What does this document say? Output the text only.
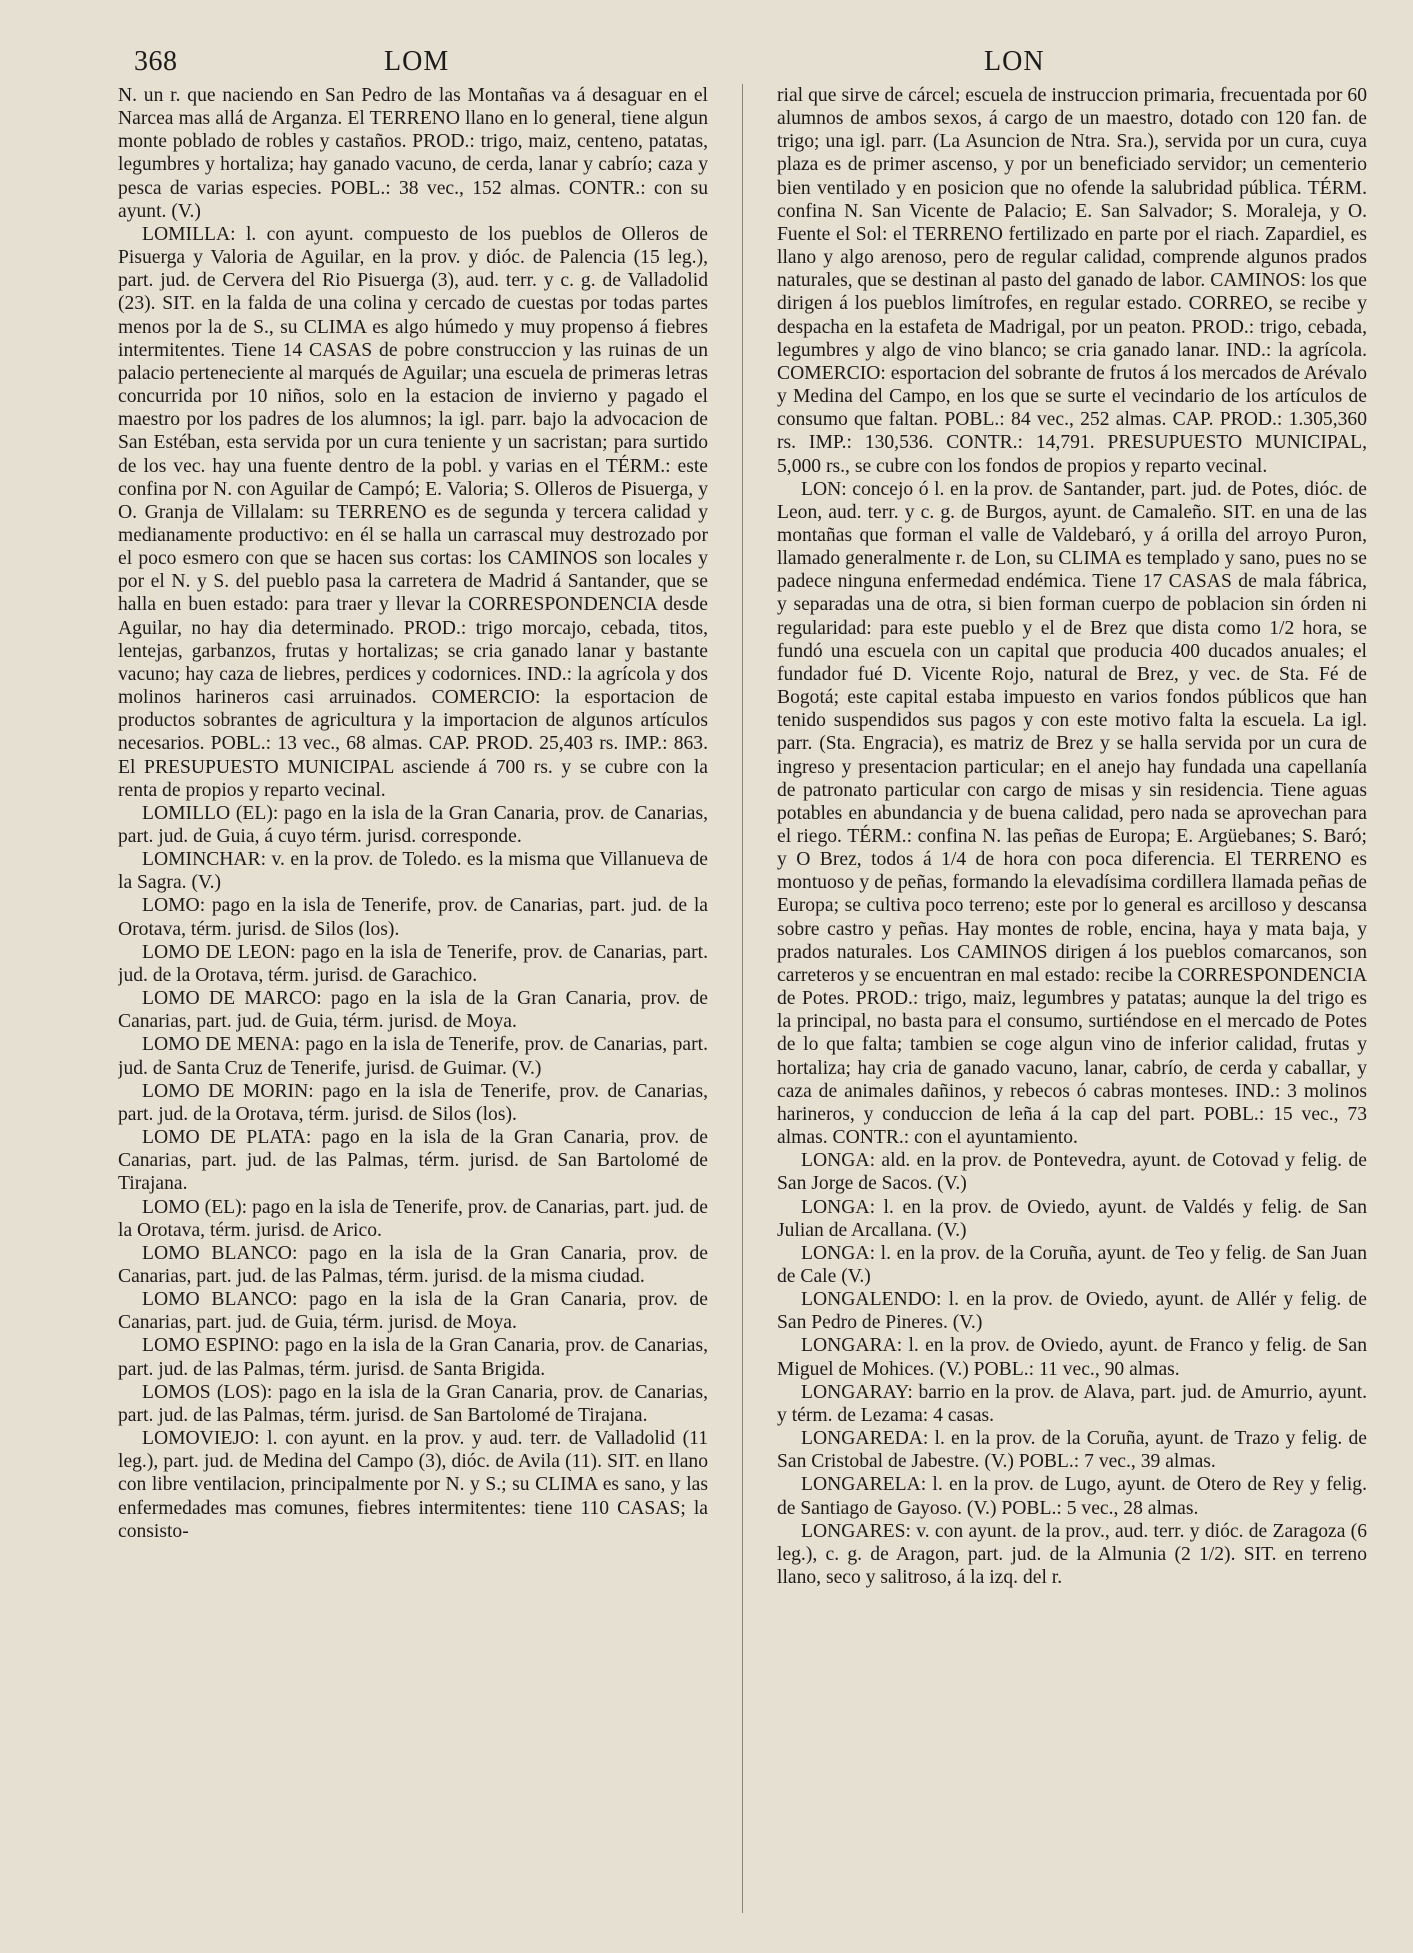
368	LOM	LON

N. un r. que naciendo en San Pedro de las Montañas va á desaguar en el Narcea mas allá de Arganza. El TERRENO llano en lo general, tiene algun monte poblado de robles y castaños. PROD.: trigo, maiz, centeno, patatas, legumbres y hortaliza; hay ganado vacuno, de cerda, lanar y cabrío; caza y pesca de varias especies. POBL.: 38 vec., 152 almas. CONTR.: con su ayunt. (V.)

LOMILLA: l. con ayunt. compuesto de los pueblos de Olleros de Pisuerga y Valoria de Aguilar, en la prov. y dióc. de Palencia (15 leg.), part. jud. de Cervera del Rio Pisuerga (3), aud. terr. y c. g. de Valladolid (23). SIT. en la falda de una colina y cercado de cuestas por todas partes menos por la de S., su CLIMA es algo húmedo y muy propenso á fiebres intermitentes. Tiene 14 CASAS de pobre construccion y las ruinas de un palacio perteneciente al marqués de Aguilar; una escuela de primeras letras concurrida por 10 niños, solo en la estacion de invierno y pagado el maestro por los padres de los alumnos; la igl. parr. bajo la advocacion de San Estéban, esta servida por un cura teniente y un sacristan; para surtido de los vec. hay una fuente dentro de la pobl. y varias en el TÉRM.: este confina por N. con Aguilar de Campó; E. Valoria; S. Olleros de Pisuerga, y O. Granja de Villalam: su TERRENO es de segunda y tercera calidad y medianamente productivo: en él se halla un carrascal muy destrozado por el poco esmero con que se hacen sus cortas: los CAMINOS son locales y por el N. y S. del pueblo pasa la carretera de Madrid á Santander, que se halla en buen estado: para traer y llevar la CORRESPONDENCIA desde Aguilar, no hay dia determinado. PROD.: trigo morcajo, cebada, titos, lentejas, garbanzos, frutas y hortalizas; se cria ganado lanar y bastante vacuno; hay caza de liebres, perdices y codornices. IND.: la agrícola y dos molinos harineros casi arruinados. COMERCIO: la esportacion de productos sobrantes de agricultura y la importacion de algunos artículos necesarios. POBL.: 13 vec., 68 almas. CAP. PROD. 25,403 rs. IMP.: 863. El PRESUPUESTO MUNICIPAL asciende á 700 rs. y se cubre con la renta de propios y reparto vecinal.

LOMILLO (EL): pago en la isla de la Gran Canaria, prov. de Canarias, part. jud. de Guia, á cuyo térm. jurisd. corresponde.

LOMINCHAR: v. en la prov. de Toledo. es la misma que Villanueva de la Sagra. (V.)

LOMO: pago en la isla de Tenerife, prov. de Canarias, part. jud. de la Orotava, térm. jurisd. de Silos (los).

LOMO DE LEON: pago en la isla de Tenerife, prov. de Canarias, part. jud. de la Orotava, térm. jurisd. de Garachico.

LOMO DE MARCO: pago en la isla de la Gran Canaria, prov. de Canarias, part. jud. de Guia, térm. jurisd. de Moya.

LOMO DE MENA: pago en la isla de Tenerife, prov. de Canarias, part. jud. de Santa Cruz de Tenerife, jurisd. de Guimar. (V.)

LOMO DE MORIN: pago en la isla de Tenerife, prov. de Canarias, part. jud. de la Orotava, térm. jurisd. de Silos (los).

LOMO DE PLATA: pago en la isla de la Gran Canaria, prov. de Canarias, part. jud. de las Palmas, térm. jurisd. de San Bartolomé de Tirajana.

LOMO (EL): pago en la isla de Tenerife, prov. de Canarias, part. jud. de la Orotava, térm. jurisd. de Arico.

LOMO BLANCO: pago en la isla de la Gran Canaria, prov. de Canarias, part. jud. de las Palmas, térm. jurisd. de la misma ciudad.

LOMO BLANCO: pago en la isla de la Gran Canaria, prov. de Canarias, part. jud. de Guia, térm. jurisd. de Moya.

LOMO ESPINO: pago en la isla de la Gran Canaria, prov. de Canarias, part. jud. de las Palmas, térm. jurisd. de Santa Brigida.

LOMOS (LOS): pago en la isla de la Gran Canaria, prov. de Canarias, part. jud. de las Palmas, térm. jurisd. de San Bartolomé de Tirajana.

LOMOVIEJO: l. con ayunt. en la prov. y aud. terr. de Valladolid (11 leg.), part. jud. de Medina del Campo (3), dióc. de Avila (11). SIT. en llano con libre ventilacion, principalmente por N. y S.; su CLIMA es sano, y las enfermedades mas comunes, fiebres intermitentes: tiene 110 CASAS; la consisto-

rial que sirve de cárcel; escuela de instruccion primaria, frecuentada por 60 alumnos de ambos sexos, á cargo de un maestro, dotado con 120 fan. de trigo; una igl. parr. (La Asuncion de Ntra. Sra.), servida por un cura, cuya plaza es de primer ascenso, y por un beneficiado servidor; un cementerio bien ventilado y en posicion que no ofende la salubridad pública. TÉRM. confina N. San Vicente de Palacio; E. San Salvador; S. Moraleja, y O. Fuente el Sol: el TERRENO fertilizado en parte por el riach. Zapardiel, es llano y algo arenoso, pero de regular calidad, comprende algunos prados naturales, que se destinan al pasto del ganado de labor. CAMINOS: los que dirigen á los pueblos limítrofes, en regular estado. CORREO, se recibe y despacha en la estafeta de Madrigal, por un peaton. PROD.: trigo, cebada, legumbres y algo de vino blanco; se cria ganado lanar. IND.: la agrícola. COMERCIO: esportacion del sobrante de frutos á los mercados de Arévalo y Medina del Campo, en los que se surte el vecindario de los artículos de consumo que faltan. POBL.: 84 vec., 252 almas. CAP. PROD.: 1.305,360 rs. IMP.: 130,536. CONTR.: 14,791. PRESUPUESTO MUNICIPAL, 5,000 rs., se cubre con los fondos de propios y reparto vecinal.

LON: concejo ó l. en la prov. de Santander, part. jud. de Potes, dióc. de Leon, aud. terr. y c. g. de Burgos, ayunt. de Camaleño. SIT. en una de las montañas que forman el valle de Valdebaró, y á orilla del arroyo Puron, llamado generalmente r. de Lon, su CLIMA es templado y sano, pues no se padece ninguna enfermedad endémica. Tiene 17 CASAS de mala fábrica, y separadas una de otra, si bien forman cuerpo de poblacion sin órden ni regularidad: para este pueblo y el de Brez que dista como 1/2 hora, se fundó una escuela con un capital que producia 400 ducados anuales; el fundador fué D. Vicente Rojo, natural de Brez, y vec. de Sta. Fé de Bogotá; este capital estaba impuesto en varios fondos públicos que han tenido suspendidos sus pagos y con este motivo falta la escuela. La igl. parr. (Sta. Engracia), es matriz de Brez y se halla servida por un cura de ingreso y presentacion particular; en el anejo hay fundada una capellanía de patronato particular con cargo de misas y sin residencia. Tiene aguas potables en abundancia y de buena calidad, pero nada se aprovechan para el riego. TÉRM.: confina N. las peñas de Europa; E. Argüebanes; S. Baró; y O Brez, todos á 1/4 de hora con poca diferencia. El TERRENO es montuoso y de peñas, formando la elevadísima cordillera llamada peñas de Europa; se cultiva poco terreno; este por lo general es arcilloso y descansa sobre castro y peñas. Hay montes de roble, encina, haya y mata baja, y prados naturales. Los CAMINOS dirigen á los pueblos comarcanos, son carreteros y se encuentran en mal estado: recibe la CORRESPONDENCIA de Potes. PROD.: trigo, maiz, legumbres y patatas; aunque la del trigo es la principal, no basta para el consumo, surtiéndose en el mercado de Potes de lo que falta; tambien se coge algun vino de inferior calidad, frutas y hortaliza; hay cria de ganado vacuno, lanar, cabrío, de cerda y caballar, y caza de animales dañinos, y rebecos ó cabras monteses. IND.: 3 molinos harineros, y conduccion de leña á la cap del part. POBL.: 15 vec., 73 almas. CONTR.: con el ayuntamiento.

LONGA: ald. en la prov. de Pontevedra, ayunt. de Cotovad y felig. de San Jorge de Sacos. (V.)

LONGA: l. en la prov. de Oviedo, ayunt. de Valdés y felig. de San Julian de Arcallana. (V.)

LONGA: l. en la prov. de la Coruña, ayunt. de Teo y felig. de San Juan de Cale (V.)

LONGALENDO: l. en la prov. de Oviedo, ayunt. de Allér y felig. de San Pedro de Pineres. (V.)

LONGARA: l. en la prov. de Oviedo, ayunt. de Franco y felig. de San Miguel de Mohices. (V.) POBL.: 11 vec., 90 almas.

LONGARAY: barrio en la prov. de Alava, part. jud. de Amurrio, ayunt. y térm. de Lezama: 4 casas.

LONGAREDA: l. en la prov. de la Coruña, ayunt. de Trazo y felig. de San Cristobal de Jabestre. (V.) POBL.: 7 vec., 39 almas.

LONGARELA: l. en la prov. de Lugo, ayunt. de Otero de Rey y felig. de Santiago de Gayoso. (V.) POBL.: 5 vec., 28 almas.

LONGARES: v. con ayunt. de la prov., aud. terr. y dióc. de Zaragoza (6 leg.), c. g. de Aragon, part. jud. de la Almunia (2 1/2). SIT. en terreno llano, seco y salitroso, á la izq. del r.
